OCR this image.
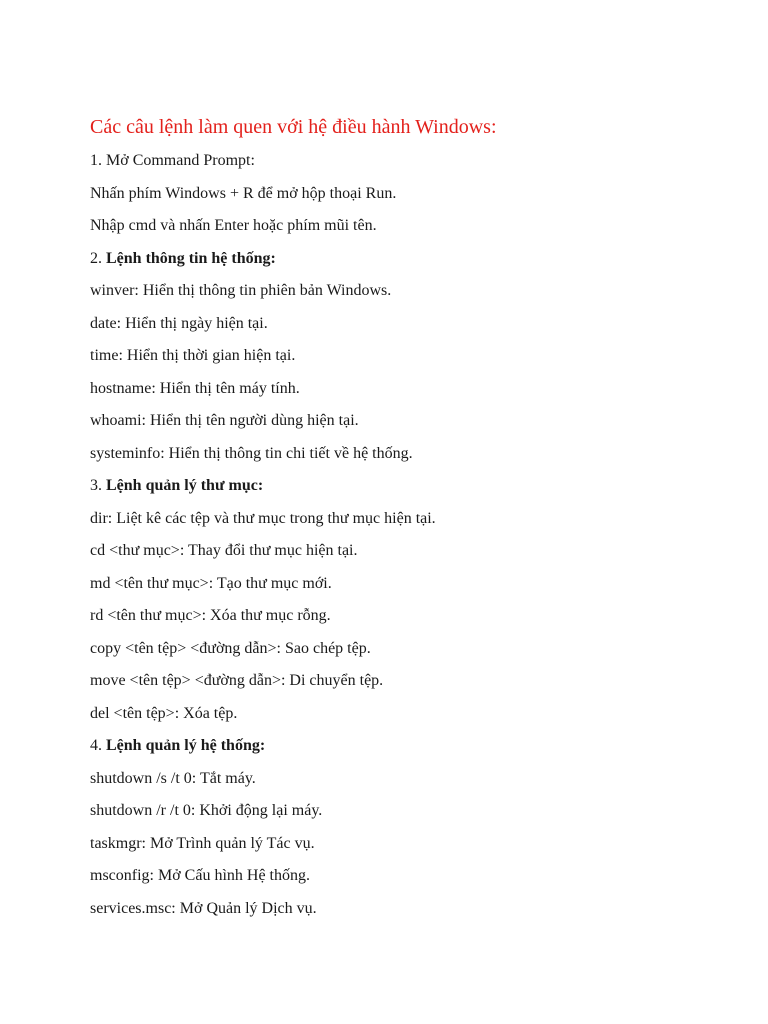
Các câu lệnh làm quen với hệ điều hành Windows:
1. Mở Command Prompt:
Nhấn phím Windows + R để mở hộp thoại Run.
Nhập cmd và nhấn Enter hoặc phím mũi tên.
2. Lệnh thông tin hệ thống:
winver: Hiển thị thông tin phiên bản Windows.
date: Hiển thị ngày hiện tại.
time: Hiển thị thời gian hiện tại.
hostname: Hiển thị tên máy tính.
whoami: Hiển thị tên người dùng hiện tại.
systeminfo: Hiển thị thông tin chi tiết về hệ thống.
3. Lệnh quản lý thư mục:
dir: Liệt kê các tệp và thư mục trong thư mục hiện tại.
cd <thư mục>: Thay đổi thư mục hiện tại.
md <tên thư mục>: Tạo thư mục mới.
rd <tên thư mục>: Xóa thư mục rỗng.
copy <tên tệp> <đường dẫn>: Sao chép tệp.
move <tên tệp> <đường dẫn>: Di chuyển tệp.
del <tên tệp>: Xóa tệp.
4. Lệnh quản lý hệ thống:
shutdown /s /t 0: Tắt máy.
shutdown /r /t 0: Khởi động lại máy.
taskmgr: Mở Trình quản lý Tác vụ.
msconfig: Mở Cấu hình Hệ thống.
services.msc: Mở Quản lý Dịch vụ.
